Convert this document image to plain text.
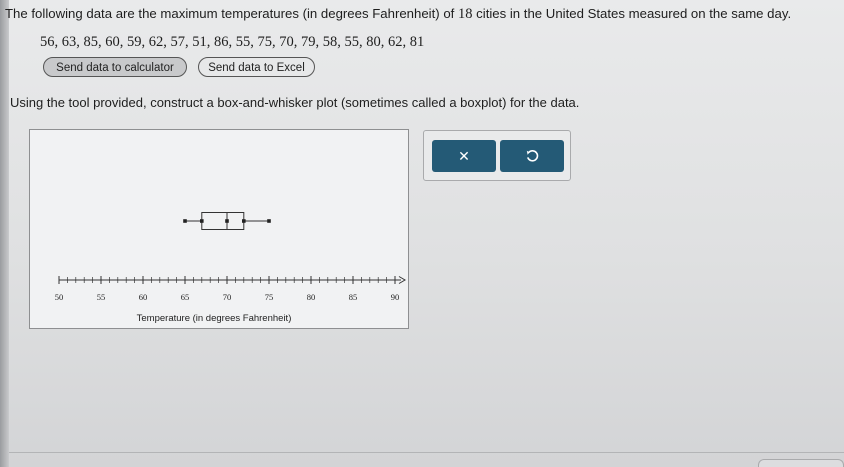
The following data are the maximum temperatures (in degrees Fahrenheit) of 18 cities in the United States measured on the same day.
56, 63, 85, 60, 59, 62, 57, 51, 86, 55, 75, 70, 79, 58, 55, 80, 62, 81
Send data to calculator	Send data to Excel
Using the tool provided, construct a box-and-whisker plot (sometimes called a boxplot) for the data.
50	55	60	65	70	75	80	85	90
Temperature (in degrees Fahrenheit)
✕
